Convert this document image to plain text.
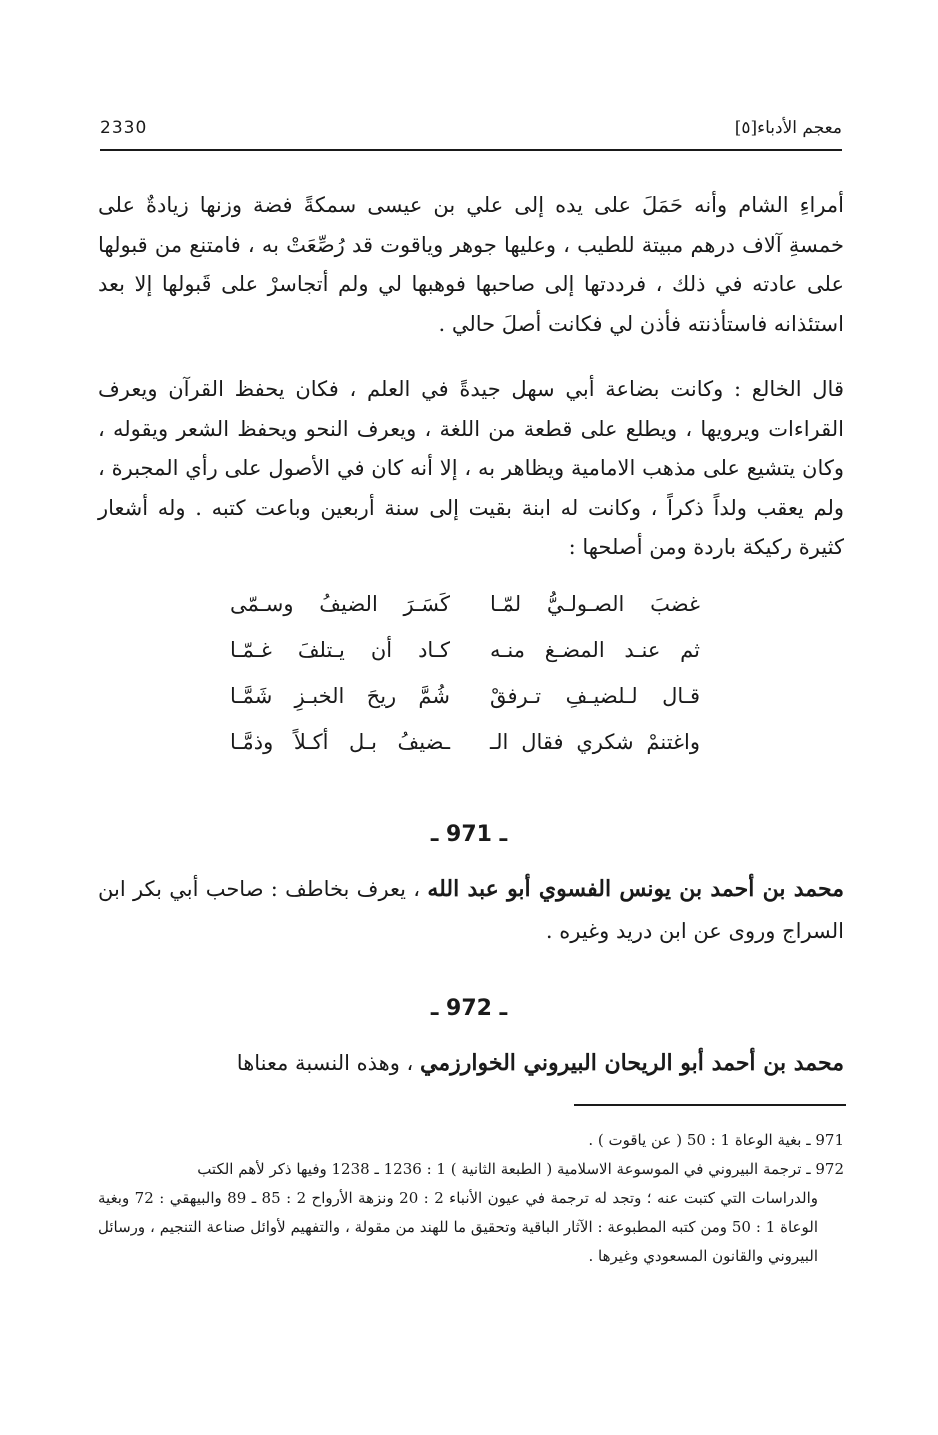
2330	معجم الأدباء[٥]

أمراءِ الشام وأنه حَمَلَ على يده إلى علي بن عيسى سمكةً فضة وزنها زيادةٌ على خمسةِ آلاف درهم مبيتة للطيب ، وعليها جوهر وياقوت قد رُصِّعَتْ به ، فامتنع من قبولها على عادته في ذلك ، فرددتها إلى صاحبها فوهبها لي ولم أتجاسرْ على قَبولها إلا بعد استئذانه فاستأذنته فأذن لي فكانت أصلَ حالي .

قال الخالع : وكانت بضاعة أبي سهل جيدةً في العلم ، فكان يحفظ القرآن ويعرف القراءات ويرويها ، ويطلع على قطعة من اللغة ، ويعرف النحو ويحفظ الشعر ويقوله ، وكان يتشيع على مذهب الامامية ويظاهر به ، إلا أنه كان في الأصول على رأي المجبرة ، ولم يعقب ولداً ذكراً ، وكانت له ابنة بقيت إلى سنة أربعين وباعت كتبه . وله أشعار كثيرة ركيكة باردة ومن أصلحها :

غضبَ الصـولـيُّ لمّـا
كَسَـرَ الضيفُ وسـمّى
ثم عنـد المضـغ منـه
كـاد أن يـتلفَ غـمّـا
قـال لـلضيـفِ تـرفقْ
شُمَّ ريحَ الخبـزِ شَمَّـا
واغتنمْ شكري فقال الـ
ـضيفُ بـل أكـلاً وذمَّـا
ـ 971 ـ

محمد بن أحمد بن يونس الفسوي أبو عبد الله ، يعرف بخاطف : صاحب أبي بكر ابن السراج وروى عن ابن دريد وغيره .

ـ 972 ـ

محمد بن أحمد أبو الريحان البيروني الخوارزمي ، وهذه النسبة معناها

971 ـ بغية الوعاة 1 : 50 ( عن ياقوت ) .
972 ـ ترجمة البيروني في الموسوعة الاسلامية ( الطبعة الثانية ) 1 : 1236 ـ 1238 وفيها ذكر لأهم الكتب
والدراسات التي كتبت عنه ؛ وتجد له ترجمة في عيون الأنباء 2 : 20 ونزهة الأرواح 2 : 85 ـ 89 والبيهقي : 72 وبغية الوعاة 1 : 50 ومن كتبه المطبوعة : الآثار الباقية وتحقيق ما للهند من مقولة ، والتفهيم لأوائل صناعة التنجيم ، ورسائل البيروني والقانون المسعودي وغيرها .
